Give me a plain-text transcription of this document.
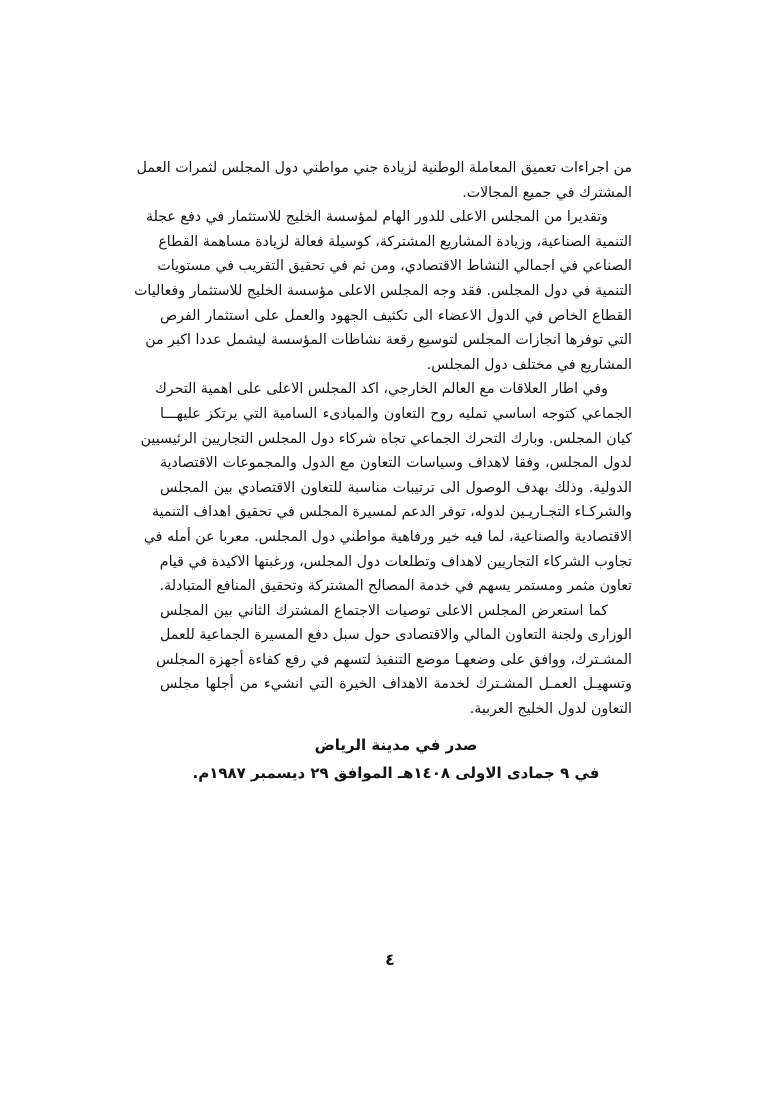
من اجراءات تعميق المعاملة الوطنية لزيادة جني مواطني دول المجلس لثمرات العمل
المشترك في جميع المجالات.
وتقديرا من المجلس الاعلى للدور الهام لمؤسسة الخليج للاستثمار في دفع عجلة
التنمية الصناعية، وزيادة المشاريع المشتركة، كوسيلة فعالة لزيادة مساهمة القطاع
الصناعي في اجمالي النشاط الاقتصادي، ومن ثم في تحقيق التقريب في مستويات
التنمية في دول المجلس. فقد وجه المجلس الاعلى مؤسسة الخليج للاستثمار وفعاليات
القطاع الخاص في الدول الاعضاء الى تكثيف الجهود والعمل على استثمار الفرص
التي توفرها انجازات المجلس لتوسيع رقعة نشاطات المؤسسة ليشمل عددا اكبر من
المشاريع في مختلف دول المجلس.
وفي اطار العلاقات مع العالم الخارجي، اكد المجلس الاعلى على اهمية التحرك
الجماعي كتوجه اساسي تمليه روح التعاون والمبادىء السامية التي يرتكز عليهـــا
كيان المجلس. وبارك التحرك الجماعي تجاه شركاء دول المجلس التجاريين الرئيسيين
لدول المجلس، وفقا لاهداف وسياسات التعاون مع الدول والمجموعات الاقتصادية
الدولية. وذلك بهدف الوصول الى ترتيبات مناسبة للتعاون الاقتصادي بين المجلس
والشركـاء التجـاريـين لدوله، توفر الدعم لمسيرة المجلس في تحقيق اهداف التنمية
الاقتصادية والصناعية، لما فيه خير ورفاهية مواطني دول المجلس. معربا عن أمله في
تجاوب الشركاء التجاريين لاهداف وتطلعات دول المجلس، ورغبتها الاكيدة في قيام
تعاون مثمر ومستمر يسهم في خدمة المصالح المشتركة وتحقيق المنافع المتبادلة.
كما استعرض المجلس الاعلى توصيات الاجتماع المشترك الثاني بين المجلس
الوزارى ولجنة التعاون المالي والاقتصادى حول سبل دفع المسيرة الجماعية للعمل
المشـترك، ووافق على وضعهـا موضع التنفيذ لتسهم في رفع كفاءة أجهزة المجلس
وتسهيـل العمـل المشـترك لخدمة الاهداف الخيرة التي انشيء من أجلها مجلس
التعاون لدول الخليج العربية.
صدر في مدينة الرياض
في ٩ جمادى الاولى ١٤٠٨هـ الموافق ٢٩ ديسمبر ١٩٨٧م.
٤
